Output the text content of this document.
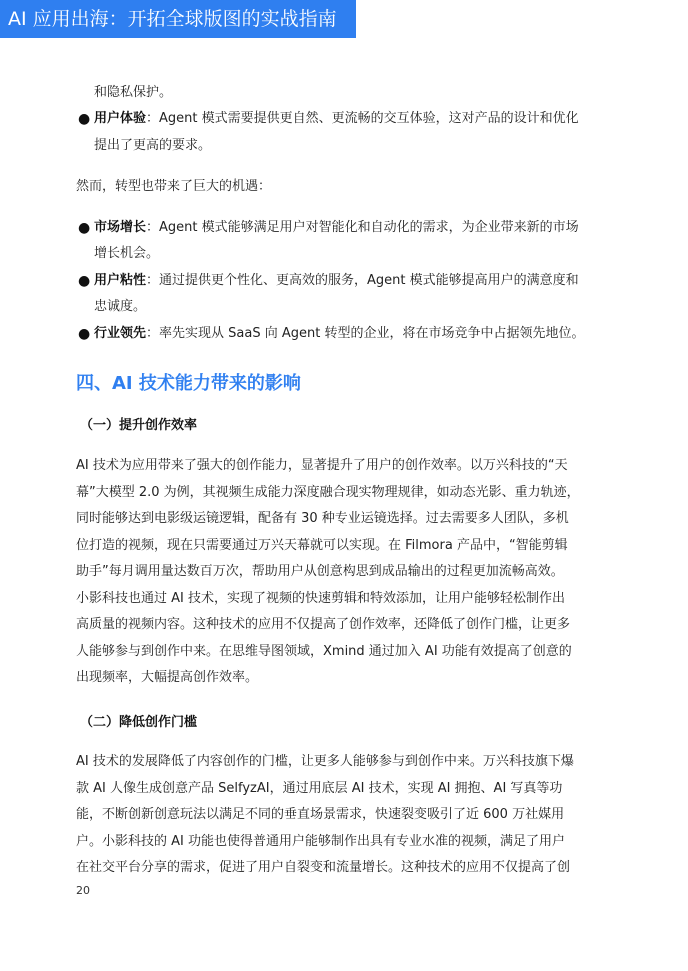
AI 应用出海：开拓全球版图的实战指南
和隐私保护。
● 用户体验：Agent 模式需要提供更自然、更流畅的交互体验，这对产品的设计和优化
提出了更高的要求。
然而，转型也带来了巨大的机遇：
● 市场增长：Agent 模式能够满足用户对智能化和自动化的需求，为企业带来新的市场
增长机会。
● 用户粘性：通过提供更个性化、更高效的服务，Agent 模式能够提高用户的满意度和
忠诚度。
● 行业领先：率先实现从 SaaS 向 Agent 转型的企业，将在市场竞争中占据领先地位。
四、AI 技术能力带来的影响
（一）提升创作效率
AI 技术为应用带来了强大的创作能力，显著提升了用户的创作效率。以万兴科技的“天
幕”大模型 2.0 为例，其视频生成能力深度融合现实物理规律，如动态光影、重力轨迹，
同时能够达到电影级运镜逻辑，配备有 30 种专业运镜选择。过去需要多人团队，多机
位打造的视频，现在只需要通过万兴天幕就可以实现。在 Filmora 产品中，“智能剪辑
助手”每月调用量达数百万次，帮助用户从创意构思到成品输出的过程更加流畅高效。
小影科技也通过 AI 技术，实现了视频的快速剪辑和特效添加，让用户能够轻松制作出
高质量的视频内容。这种技术的应用不仅提高了创作效率，还降低了创作门槛，让更多
人能够参与到创作中来。在思维导图领域，Xmind 通过加入 AI 功能有效提高了创意的
出现频率，大幅提高创作效率。
（二）降低创作门槛
AI 技术的发展降低了内容创作的门槛，让更多人能够参与到创作中来。万兴科技旗下爆
款 AI 人像生成创意产品 SelfyzAI，通过用底层 AI 技术，实现 AI 拥抱、AI 写真等功
能，不断创新创意玩法以满足不同的垂直场景需求，快速裂变吸引了近 600 万社媒用
户。小影科技的 AI 功能也使得普通用户能够制作出具有专业水准的视频，满足了用户
在社交平台分享的需求，促进了用户自裂变和流量增长。这种技术的应用不仅提高了创
20
